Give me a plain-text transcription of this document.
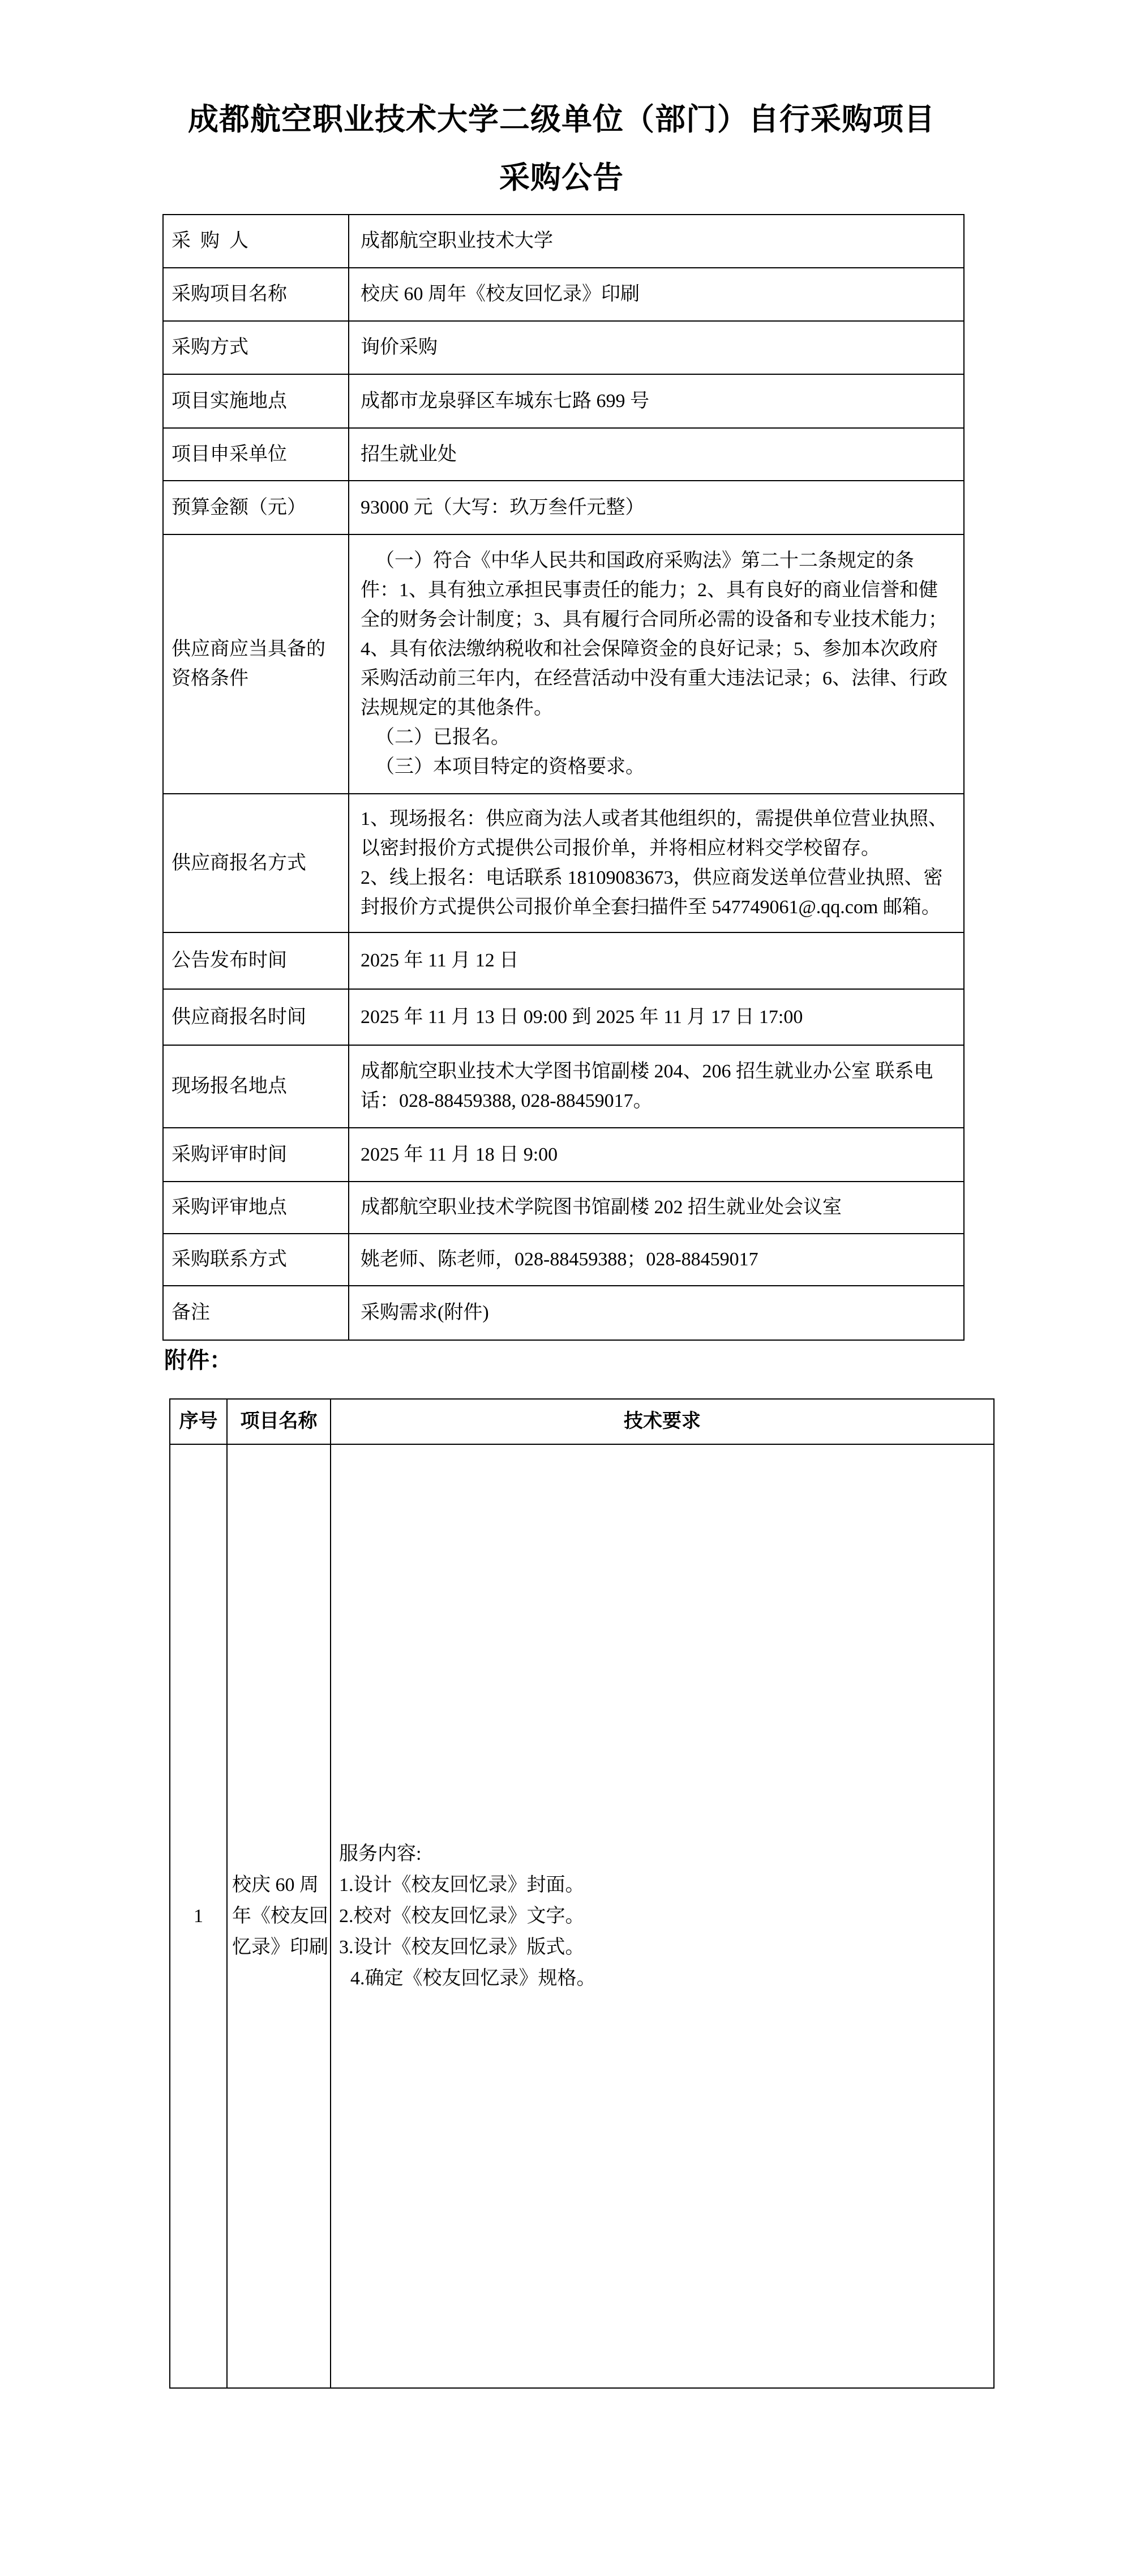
成都航空职业技术大学二级单位（部门）自行采购项目
采购公告
采  购  人	成都航空职业技术大学
采购项目名称	校庆 60 周年《校友回忆录》印刷
采购方式	询价采购
项目实施地点	成都市龙泉驿区车城东七路 699 号
项目申采单位	招生就业处
预算金额（元）	93000 元（大写：玖万叁仟元整）
供应商应当具备的资格条件	（一）符合《中华人民共和国政府采购法》第二十二条规定的条件：1、具有独立承担民事责任的能力；2、具有良好的商业信誉和健全的财务会计制度；3、具有履行合同所必需的设备和专业技术能力；4、具有依法缴纳税收和社会保障资金的良好记录；5、参加本次政府采购活动前三年内，在经营活动中没有重大违法记录；6、法律、行政法规规定的其他条件。

（二）已报名。

（三）本项目特定的资格要求。

供应商报名方式	1、现场报名：供应商为法人或者其他组织的，需提供单位营业执照、以密封报价方式提供公司报价单，并将相应材料交学校留存。

2、线上报名：电话联系 18109083673，供应商发送单位营业执照、密封报价方式提供公司报价单全套扫描件至 547749061@.qq.com 邮箱。

公告发布时间	2025 年 11 月 12 日
供应商报名时间	2025 年 11 月 13 日 09:00 到 2025 年 11 月 17 日 17:00
现场报名地点	成都航空职业技术大学图书馆副楼 204、206 招生就业办公室 联系电话：028-88459388, 028-88459017。
采购评审时间	2025 年 11 月 18 日 9:00
采购评审地点	成都航空职业技术学院图书馆副楼 202 招生就业处会议室
采购联系方式	姚老师、陈老师，028-88459388；028-88459017
备注	采购需求(附件)
附件：
序号	项目名称	技术要求
1	校庆 60 周年《校友回忆录》印刷	服务内容:

1.设计《校友回忆录》封面。

2.校对《校友回忆录》文字。

3.设计《校友回忆录》版式。

4.确定《校友回忆录》规格。
